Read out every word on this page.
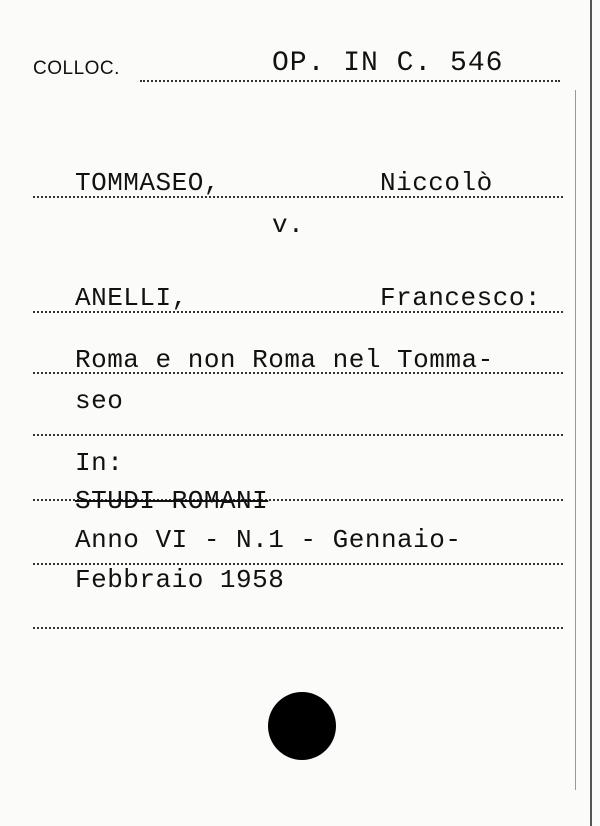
COLLOC.	OP. IN C. 546
TOMMASEO,	Niccolò
v.
ANELLI,	Francesco:
Roma e non Roma nel Tomma-
seo
In:
STUDI ROMANI
Anno VI - N.1 - Gennaio-
Febbraio 1958
